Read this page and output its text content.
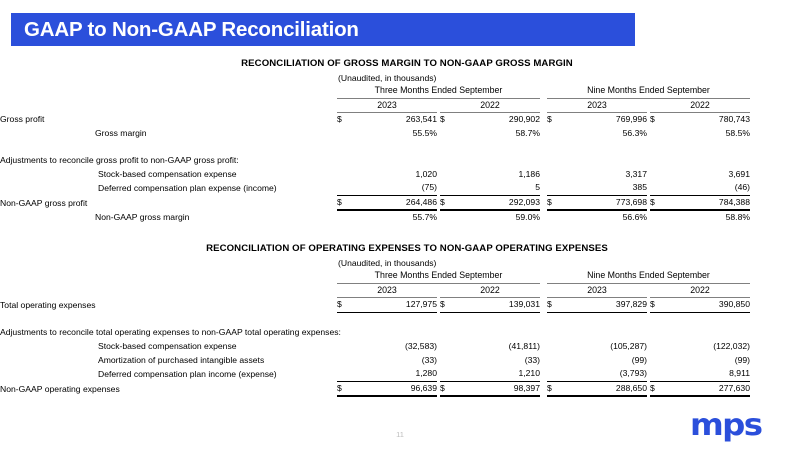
GAAP to Non-GAAP Reconciliation
RECONCILIATION OF GROSS MARGIN TO NON-GAAP GROSS MARGIN
(Unaudited, in thousands)
	Three Months Ended September						Nine Months Ended September				
	2023			2022			2023			2022	
Gross profit	$	263,541		$	290,902		$	769,996		$	780,743
Gross margin		55.5%			58.7%			56.3%			58.5%

Adjustments to reconcile gross profit to non-GAAP gross profit:											
Stock-based compensation expense		1,020			1,186			3,317			3,691
Deferred compensation plan expense (income)		(75)			5			385			(46)
Non-GAAP gross profit	$	264,486		$	292,093		$	773,698		$	784,388
Non-GAAP gross margin		55.7%			59.0%			56.6%			58.8%
RECONCILIATION OF OPERATING EXPENSES TO NON-GAAP OPERATING EXPENSES
(Unaudited, in thousands)
	Three Months Ended September						Nine Months Ended September				
	2023			2022			2023			2022	
Total operating expenses	$	127,975		$	139,031		$	397,829		$	390,850

Adjustments to reconcile total operating expenses to non-GAAP total operating expenses:											
Stock-based compensation expense		(32,583)			(41,811)			(105,287)			(122,032)
Amortization of purchased intangible assets		(33)			(33)			(99)			(99)
Deferred compensation plan income (expense)		1,280			1,210			(3,793)			8,911
Non-GAAP operating expenses	$	96,639		$	98,397		$	288,650		$	277,630
11	mps
